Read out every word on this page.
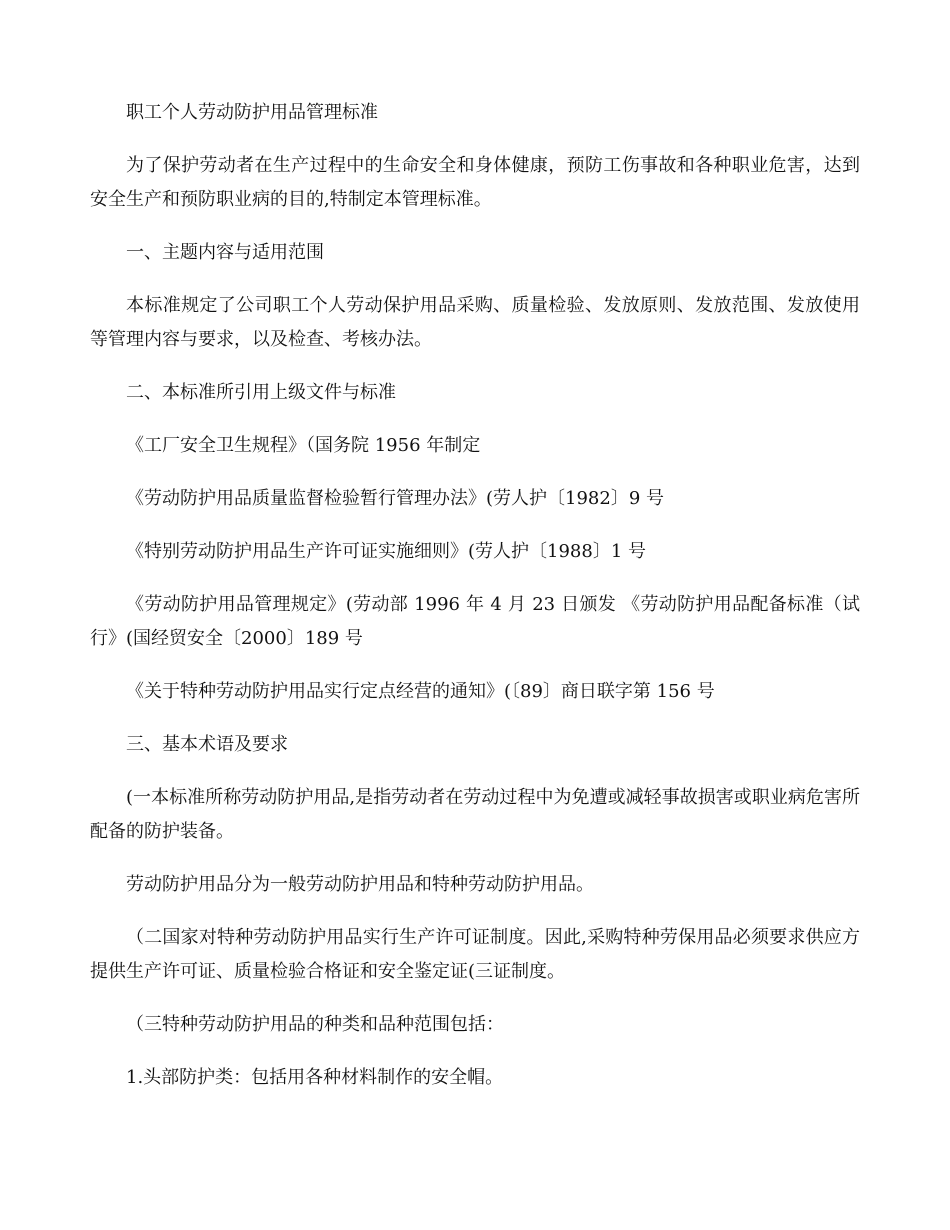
职工个人劳动防护用品管理标准

为了保护劳动者在生产过程中的生命安全和身体健康，预防工伤事故和各种职业危害，达到安全生产和预防职业病的目的,特制定本管理标准。

一、主题内容与适用范围

本标准规定了公司职工个人劳动保护用品采购、质量检验、发放原则、发放范围、发放使用等管理内容与要求，以及检查、考核办法。

二、本标准所引用上级文件与标准

《工厂安全卫生规程》（国务院 1956 年制定

《劳动防护用品质量监督检验暂行管理办法》(劳人护〔1982〕9 号

《特别劳动防护用品生产许可证实施细则》(劳人护〔1988〕1 号

《劳动防护用品管理规定》(劳动部 1996 年 4 月 23 日颁发 《劳动防护用品配备标准（试行》(国经贸安全〔2000〕189 号

《关于特种劳动防护用品实行定点经营的通知》(〔89〕商日联字第 156 号

三、基本术语及要求

(一本标准所称劳动防护用品,是指劳动者在劳动过程中为免遭或减轻事故损害或职业病危害所配备的防护装备。

劳动防护用品分为一般劳动防护用品和特种劳动防护用品。

（二国家对特种劳动防护用品实行生产许可证制度。因此,采购特种劳保用品必须要求供应方提供生产许可证、质量检验合格证和安全鉴定证(三证制度。

（三特种劳动防护用品的种类和品种范围包括：

1.头部防护类：包括用各种材料制作的安全帽。
